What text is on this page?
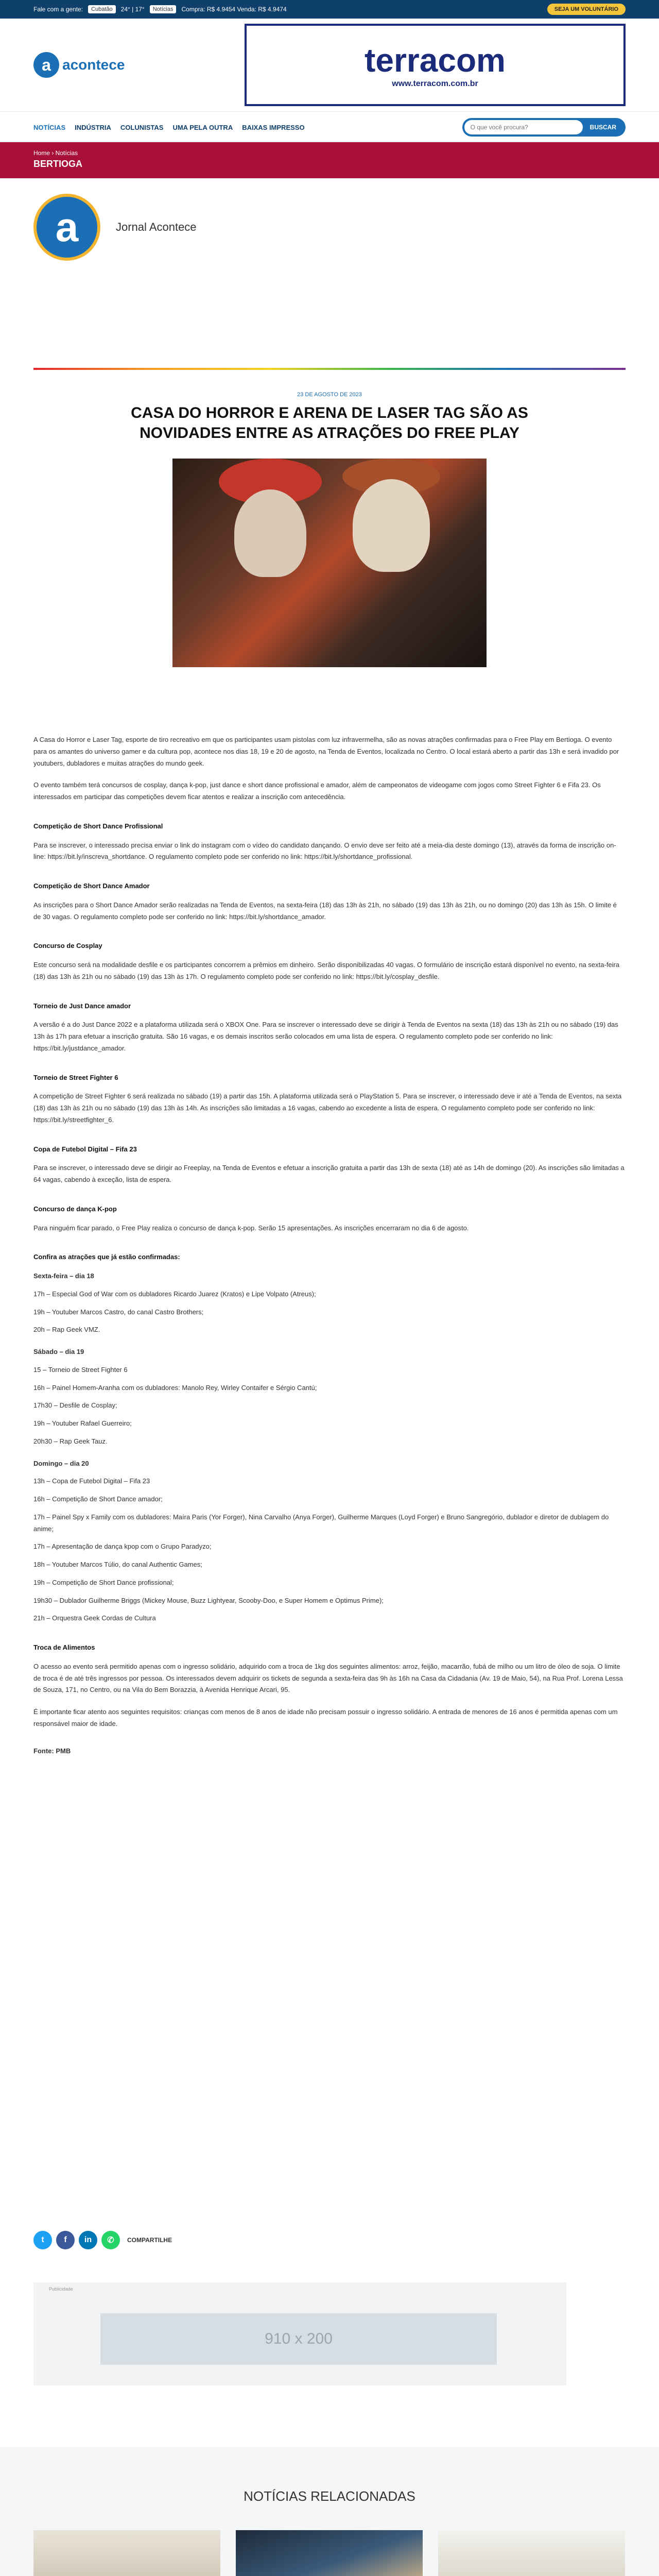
Fale com a gente:	Cubatão	24° | 17°	Notícias	Compra: R$ 4.9454 Venda: R$ 4.9474	SEJA UM VOLUNTÁRIO
a acontece	terracom
www.terracom.com.br
NOTÍCIAS INDÚSTRIA COLUNISTAS UMA PELA OUTRA BAIXAS IMPRESSO
O que você procura?	BUSCAR
Home › Notícias
BERTIOGA
a	Jornal Acontece
23 DE AGOSTO DE 2023
CASA DO HORROR E ARENA DE LASER TAG SÃO AS NOVIDADES ENTRE AS ATRAÇÕES DO FREE PLAY

A Casa do Horror e Laser Tag, esporte de tiro recreativo em que os participantes usam pistolas com luz infravermelha, são as novas atrações confirmadas para o Free Play em Bertioga. O evento para os amantes do universo gamer e da cultura pop, acontece nos dias 18, 19 e 20 de agosto, na Tenda de Eventos, localizada no Centro. O local estará aberto a partir das 13h e será invadido por youtubers, dubladores e muitas atrações do mundo geek.

O evento também terá concursos de cosplay, dança k-pop, just dance e short dance profissional e amador, além de campeonatos de videogame com jogos como Street Fighter 6 e Fifa 23. Os interessados em participar das competições devem ficar atentos e realizar a inscrição com antecedência.

Competição de Short Dance Profissional

Para se inscrever, o interessado precisa enviar o link do instagram com o vídeo do candidato dançando. O envio deve ser feito até a meia-dia deste domingo (13), através da forma de inscrição on-line: https://bit.ly/inscreva_shortdance. O regulamento completo pode ser conferido no link: https://bit.ly/shortdance_profissional.

Competição de Short Dance Amador

As inscrições para o Short Dance Amador serão realizadas na Tenda de Eventos, na sexta-feira (18) das 13h às 21h, no sábado (19) das 13h às 21h, ou no domingo (20) das 13h às 15h. O limite é de 30 vagas. O regulamento completo pode ser conferido no link: https://bit.ly/shortdance_amador.

Concurso de Cosplay

Este concurso será na modalidade desfile e os participantes concorrem a prêmios em dinheiro. Serão disponibilizadas 40 vagas. O formulário de inscrição estará disponível no evento, na sexta-feira (18) das 13h às 21h ou no sábado (19) das 13h às 17h. O regulamento completo pode ser conferido no link: https://bit.ly/cosplay_desfile.

Torneio de Just Dance amador

A versão é a do Just Dance 2022 e a plataforma utilizada será o XBOX One. Para se inscrever o interessado deve se dirigir à Tenda de Eventos na sexta (18) das 13h às 21h ou no sábado (19) das 13h às 17h para efetuar a inscrição gratuita. São 16 vagas, e os demais inscritos serão colocados em uma lista de espera. O regulamento completo pode ser conferido no link: https://bit.ly/justdance_amador.

Torneio de Street Fighter 6

A competição de Street Fighter 6 será realizada no sábado (19) a partir das 15h. A plataforma utilizada será o PlayStation 5. Para se inscrever, o interessado deve ir até a Tenda de Eventos, na sexta (18) das 13h às 21h ou no sábado (19) das 13h às 14h. As inscrições são limitadas a 16 vagas, cabendo ao excedente a lista de espera. O regulamento completo pode ser conferido no link: https://bit.ly/streetfighter_6.

Copa de Futebol Digital – Fifa 23

Para se inscrever, o interessado deve se dirigir ao Freeplay, na Tenda de Eventos e efetuar a inscrição gratuita a partir das 13h de sexta (18) até as 14h de domingo (20). As inscrições são limitadas a 64 vagas, cabendo à exceção, lista de espera.

Concurso de dança K-pop

Para ninguém ficar parado, o Free Play realiza o concurso de dança k-pop. Serão 15 apresentações. As inscrições encerraram no dia 6 de agosto.

Confira as atrações que já estão confirmadas:

Sexta-feira – dia 18

17h – Especial God of War com os dubladores Ricardo Juarez (Kratos) e Lipe Volpato (Atreus);

19h – Youtuber Marcos Castro, do canal Castro Brothers;

20h – Rap Geek VMZ.

Sábado – dia 19

15 – Torneio de Street Fighter 6

16h – Painel Homem-Aranha com os dubladores: Manolo Rey, Wirley Contaifer e Sérgio Cantú;

17h30 – Desfile de Cosplay;

19h – Youtuber Rafael Guerreiro;

20h30 – Rap Geek Tauz.

Domingo – dia 20

13h – Copa de Futebol Digital – Fifa 23

16h – Competição de Short Dance amador;

17h – Painel Spy x Family com os dubladores: Maíra Paris (Yor Forger), Nina Carvalho (Anya Forger), Guilherme Marques (Loyd Forger) e Bruno Sangregório, dublador e diretor de dublagem do anime;

17h – Apresentação de dança kpop com o Grupo Paradyzo;

18h – Youtuber Marcos Túlio, do canal Authentic Games;

19h – Competição de Short Dance profissional;

19h30 – Dublador Guilherme Briggs (Mickey Mouse, Buzz Lightyear, Scooby-Doo, e Super Homem e Optimus Prime);

21h – Orquestra Geek Cordas de Cultura

Troca de Alimentos

O acesso ao evento será permitido apenas com o ingresso solidário, adquirido com a troca de 1kg dos seguintes alimentos: arroz, feijão, macarrão, fubá de milho ou um litro de óleo de soja. O limite de troca é de até três ingressos por pessoa. Os interessados devem adquirir os tickets de segunda a sexta-feira das 9h às 16h na Casa da Cidadania (Av. 19 de Maio, 54), na Rua Prof. Lorena Lessa de Souza, 171, no Centro, ou na Vila do Bem Borazzia, à Avenida Henrique Arcari, 95.

É importante ficar atento aos seguintes requisitos: crianças com menos de 8 anos de idade não precisam possuir o ingresso solidário. A entrada de menores de 16 anos é permitida apenas com um responsável maior de idade.

Fonte: PMB

t	f	in	✆	COMPARTILHE
Publicidade
910 x 200
NOTÍCIAS RELACIONADAS
